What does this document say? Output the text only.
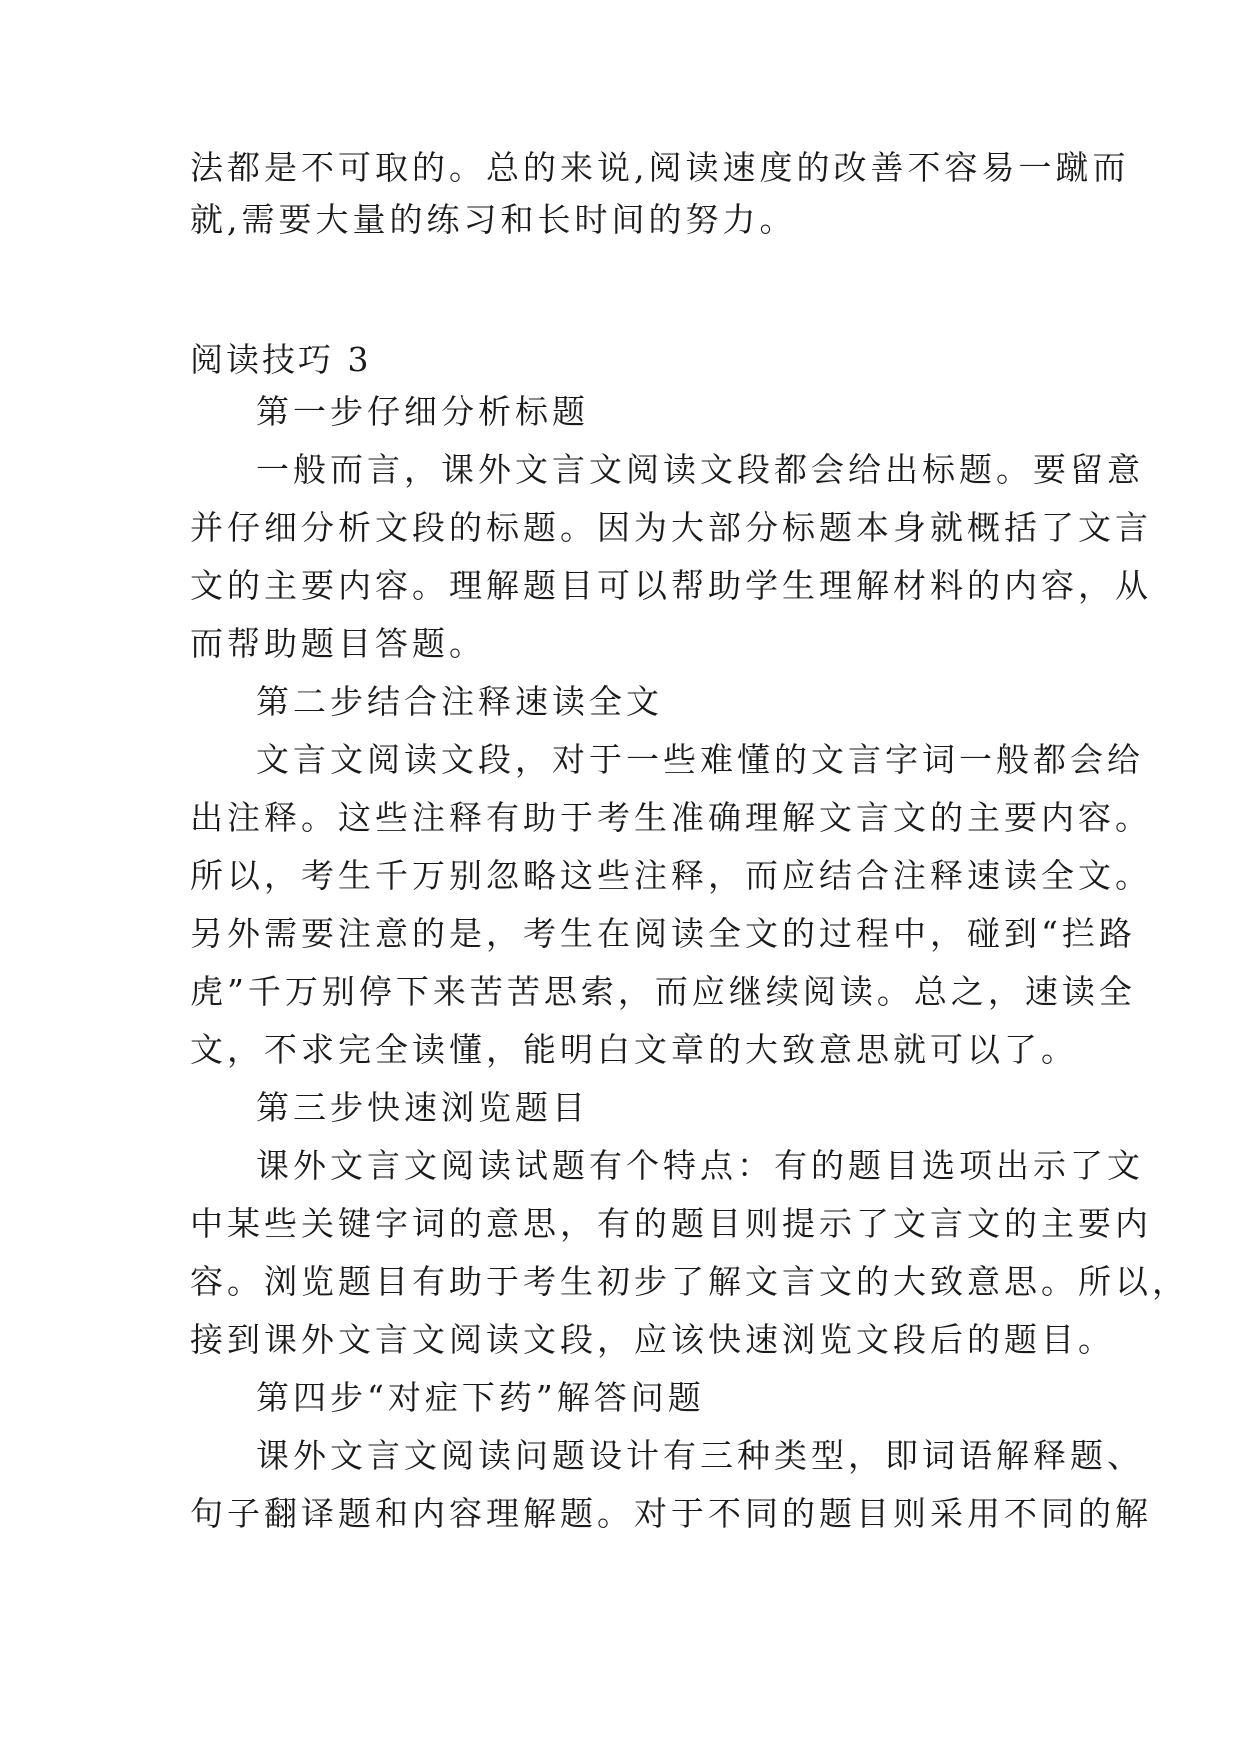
法都是不可取的。总的来说,阅读速度的改善不容易一蹴而
就,需要大量的练习和长时间的努力。
阅读技巧 3
第一步仔细分析标题
一般而言，课外文言文阅读文段都会给出标题。要留意
并仔细分析文段的标题。因为大部分标题本身就概括了文言
文的主要内容。理解题目可以帮助学生理解材料的内容，从
而帮助题目答题。
第二步结合注释速读全文
文言文阅读文段，对于一些难懂的文言字词一般都会给
出注释。这些注释有助于考生准确理解文言文的主要内容。
所以，考生千万别忽略这些注释，而应结合注释速读全文。
另外需要注意的是，考生在阅读全文的过程中，碰到“拦路
虎”千万别停下来苦苦思索，而应继续阅读。总之，速读全
文，不求完全读懂，能明白文章的大致意思就可以了。
第三步快速浏览题目
课外文言文阅读试题有个特点：有的题目选项出示了文
中某些关键字词的意思，有的题目则提示了文言文的主要内
容。浏览题目有助于考生初步了解文言文的大致意思。所以，
接到课外文言文阅读文段，应该快速浏览文段后的题目。
第四步“对症下药”解答问题
课外文言文阅读问题设计有三种类型，即词语解释题、
句子翻译题和内容理解题。对于不同的题目则采用不同的解
